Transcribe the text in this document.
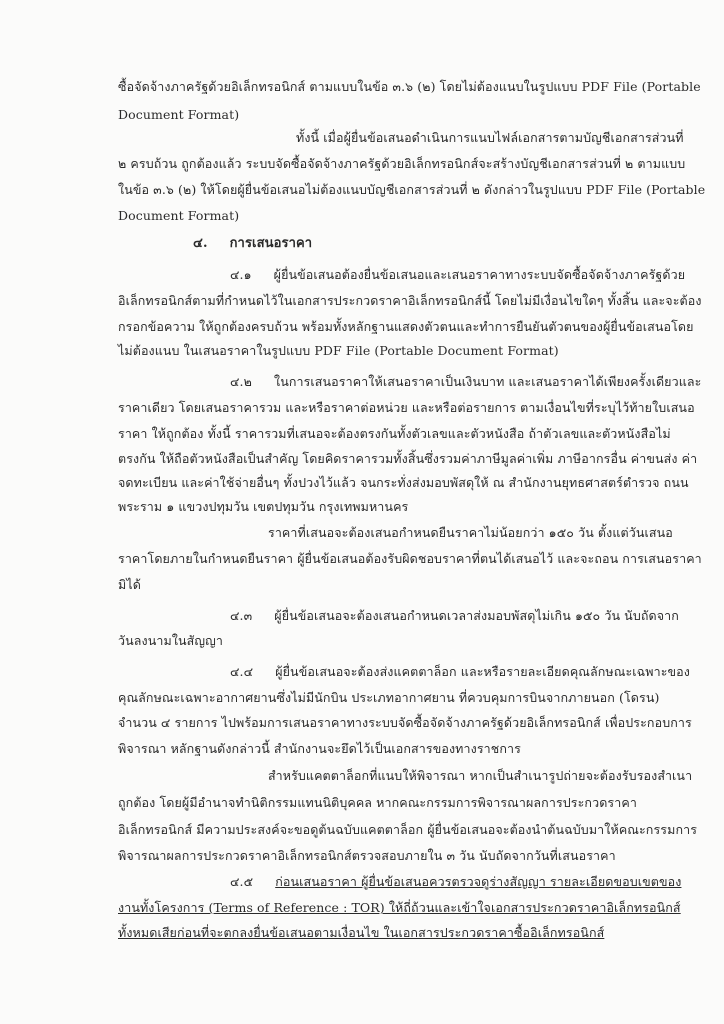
ซื้อจัดจ้างภาครัฐด้วยอิเล็กทรอนิกส์ ตามแบบในข้อ ๓.๖ (๒) โดยไม่ต้องแนบในรูปแบบ PDF File (Portable
Document Format)
ทั้งนี้ เมื่อผู้ยื่นข้อเสนอดำเนินการแนบไฟล์เอกสารตามบัญชีเอกสารส่วนที่
๒ ครบถ้วน ถูกต้องแล้ว ระบบจัดซื้อจัดจ้างภาครัฐด้วยอิเล็กทรอนิกส์จะสร้างบัญชีเอกสารส่วนที่ ๒ ตามแบบ
ในข้อ ๓.๖ (๒) ให้โดยผู้ยื่นข้อเสนอไม่ต้องแนบบัญชีเอกสารส่วนที่ ๒ ดังกล่าวในรูปแบบ PDF File (Portable
Document Format)
๔. การเสนอราคา
๔.๑ ผู้ยื่นข้อเสนอต้องยื่นข้อเสนอและเสนอราคาทางระบบจัดซื้อจัดจ้างภาครัฐด้วย
อิเล็กทรอนิกส์ตามที่กำหนดไว้ในเอกสารประกวดราคาอิเล็กทรอนิกส์นี้ โดยไม่มีเงื่อนไขใดๆ ทั้งสิ้น และจะต้อง
กรอกข้อความ ให้ถูกต้องครบถ้วน พร้อมทั้งหลักฐานแสดงตัวตนและทำการยืนยันตัวตนของผู้ยื่นข้อเสนอโดย
ไม่ต้องแนบ ในเสนอราคาในรูปแบบ PDF File (Portable Document Format)
๔.๒ ในการเสนอราคาให้เสนอราคาเป็นเงินบาท และเสนอราคาได้เพียงครั้งเดียวและ
ราคาเดียว โดยเสนอราคารวม และหรือราคาต่อหน่วย และหรือต่อรายการ ตามเงื่อนไขที่ระบุไว้ท้ายใบเสนอ
ราคา ให้ถูกต้อง ทั้งนี้ ราคารวมที่เสนอจะต้องตรงกันทั้งตัวเลขและตัวหนังสือ ถ้าตัวเลขและตัวหนังสือไม่
ตรงกัน ให้ถือตัวหนังสือเป็นสำคัญ โดยคิดราคารวมทั้งสิ้นซึ่งรวมค่าภาษีมูลค่าเพิ่ม ภาษีอากรอื่น ค่าขนส่ง ค่า
จดทะเบียน และค่าใช้จ่ายอื่นๆ ทั้งปวงไว้แล้ว จนกระทั่งส่งมอบพัสดุให้ ณ สำนักงานยุทธศาสตร์ตำรวจ ถนน
พระราม ๑ แขวงปทุมวัน เขตปทุมวัน กรุงเทพมหานคร
ราคาที่เสนอจะต้องเสนอกำหนดยืนราคาไม่น้อยกว่า ๑๕๐ วัน ตั้งแต่วันเสนอ
ราคาโดยภายในกำหนดยืนราคา ผู้ยื่นข้อเสนอต้องรับผิดชอบราคาที่ตนได้เสนอไว้ และจะถอน การเสนอราคา
มิได้
๔.๓ ผู้ยื่นข้อเสนอจะต้องเสนอกำหนดเวลาส่งมอบพัสดุไม่เกิน ๑๕๐ วัน นับถัดจาก
วันลงนามในสัญญา
๔.๔ ผู้ยื่นข้อเสนอจะต้องส่งแคตตาล็อก และหรือรายละเอียดคุณลักษณะเฉพาะของ
คุณลักษณะเฉพาะอากาศยานซึ่งไม่มีนักบิน ประเภทอากาศยาน ที่ควบคุมการบินจากภายนอก (โดรน)
จำนวน ๔ รายการ ไปพร้อมการเสนอราคาทางระบบจัดซื้อจัดจ้างภาครัฐด้วยอิเล็กทรอนิกส์ เพื่อประกอบการ
พิจารณา หลักฐานดังกล่าวนี้ สำนักงานจะยึดไว้เป็นเอกสารของทางราชการ
สำหรับแคตตาล็อกที่แนบให้พิจารณา หากเป็นสำเนารูปถ่ายจะต้องรับรองสำเนา
ถูกต้อง โดยผู้มีอำนาจทำนิติกรรมแทนนิติบุคคล หากคณะกรรมการพิจารณาผลการประกวดราคา
อิเล็กทรอนิกส์ มีความประสงค์จะขอดูต้นฉบับแคตตาล็อก ผู้ยื่นข้อเสนอจะต้องนำต้นฉบับมาให้คณะกรรมการ
พิจารณาผลการประกวดราคาอิเล็กทรอนิกส์ตรวจสอบภายใน ๓ วัน นับถัดจากวันที่เสนอราคา
๔.๕ ก่อนเสนอราคา ผู้ยื่นข้อเสนอควรตรวจดูร่างสัญญา รายละเอียดขอบเขตของ
งานทั้งโครงการ (Terms of Reference : TOR) ให้ถี่ถ้วนและเข้าใจเอกสารประกวดราคาอิเล็กทรอนิกส์
ทั้งหมดเสียก่อนที่จะตกลงยื่นข้อเสนอตามเงื่อนไข ในเอกสารประกวดราคาซื้ออิเล็กทรอนิกส์
